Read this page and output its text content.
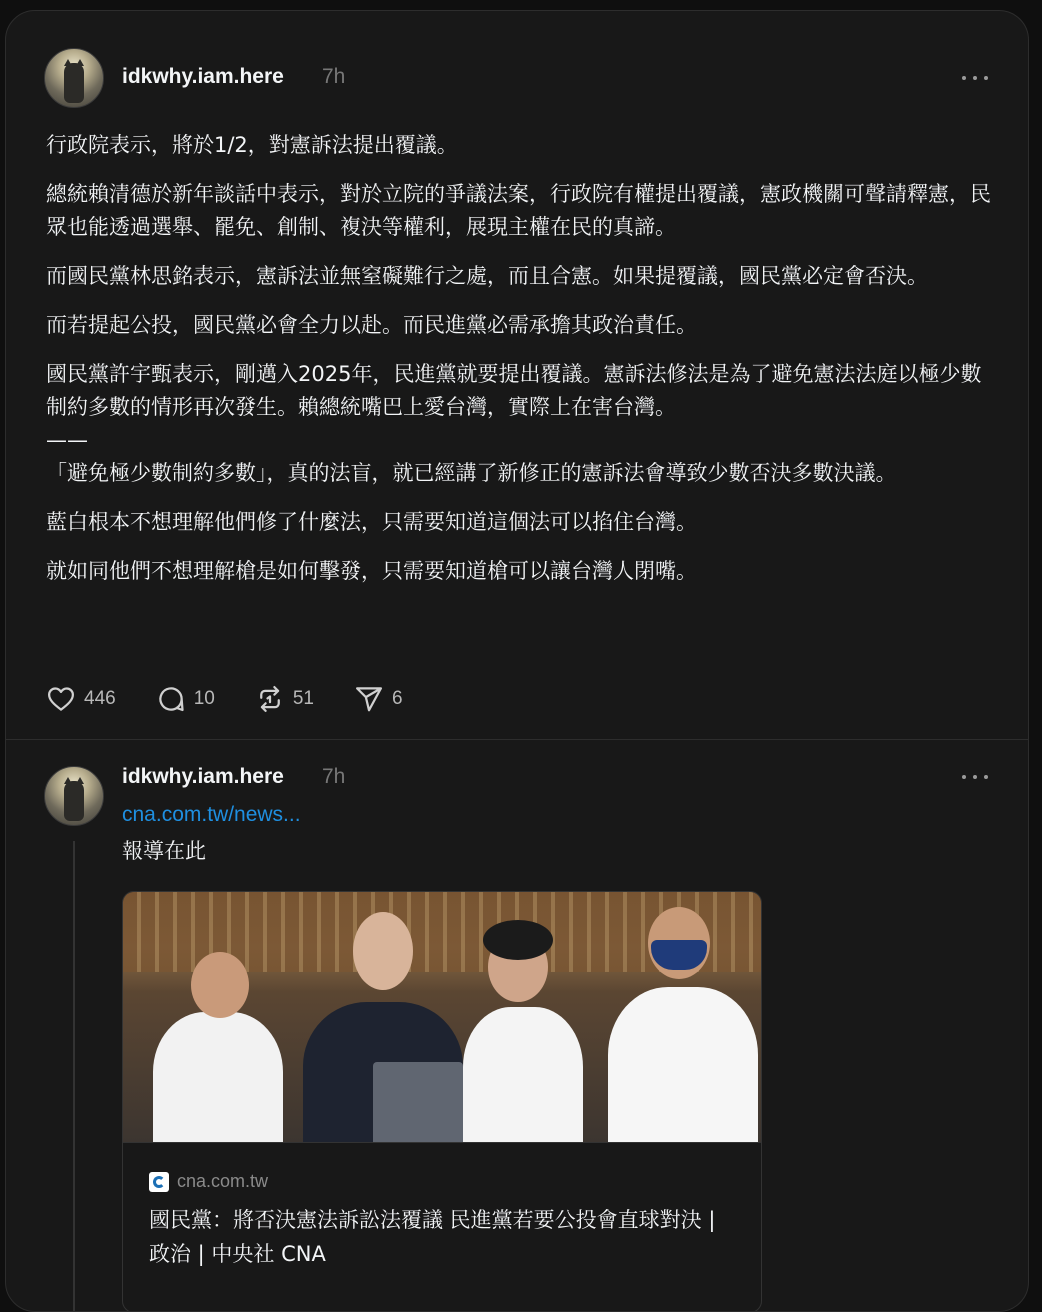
idkwhy.iam.here 7h

行政院表示，將於1/2，對憲訴法提出覆議。

總統賴清德於新年談話中表示，對於立院的爭議法案，行政院有權提出覆議，憲政機關可聲請釋憲，民眾也能透過選舉、罷免、創制、複決等權利，展現主權在民的真諦。

而國民黨林思銘表示，憲訴法並無窒礙難行之處，而且合憲。如果提覆議，國民黨必定會否決。

而若提起公投，國民黨必會全力以赴。而民進黨必需承擔其政治責任。

國民黨許宇甄表示，剛邁入2025年，民進黨就要提出覆議。憲訴法修法是為了避免憲法法庭以極少數制約多數的情形再次發生。賴總統嘴巴上愛台灣，實際上在害台灣。

——

「避免極少數制約多數」，真的法盲，就已經講了新修正的憲訴法會導致少數否決多數決議。

藍白根本不想理解他們修了什麼法，只需要知道這個法可以掐住台灣。

就如同他們不想理解槍是如何擊發，只需要知道槍可以讓台灣人閉嘴。

446	10	51	6
idkwhy.iam.here 7h
cna.com.tw/news...
報導在此
cna.com.tw
國民黨：將否決憲法訴訟法覆議 民進黨若要公投會直球對決 | 政治 | 中央社 CNA
